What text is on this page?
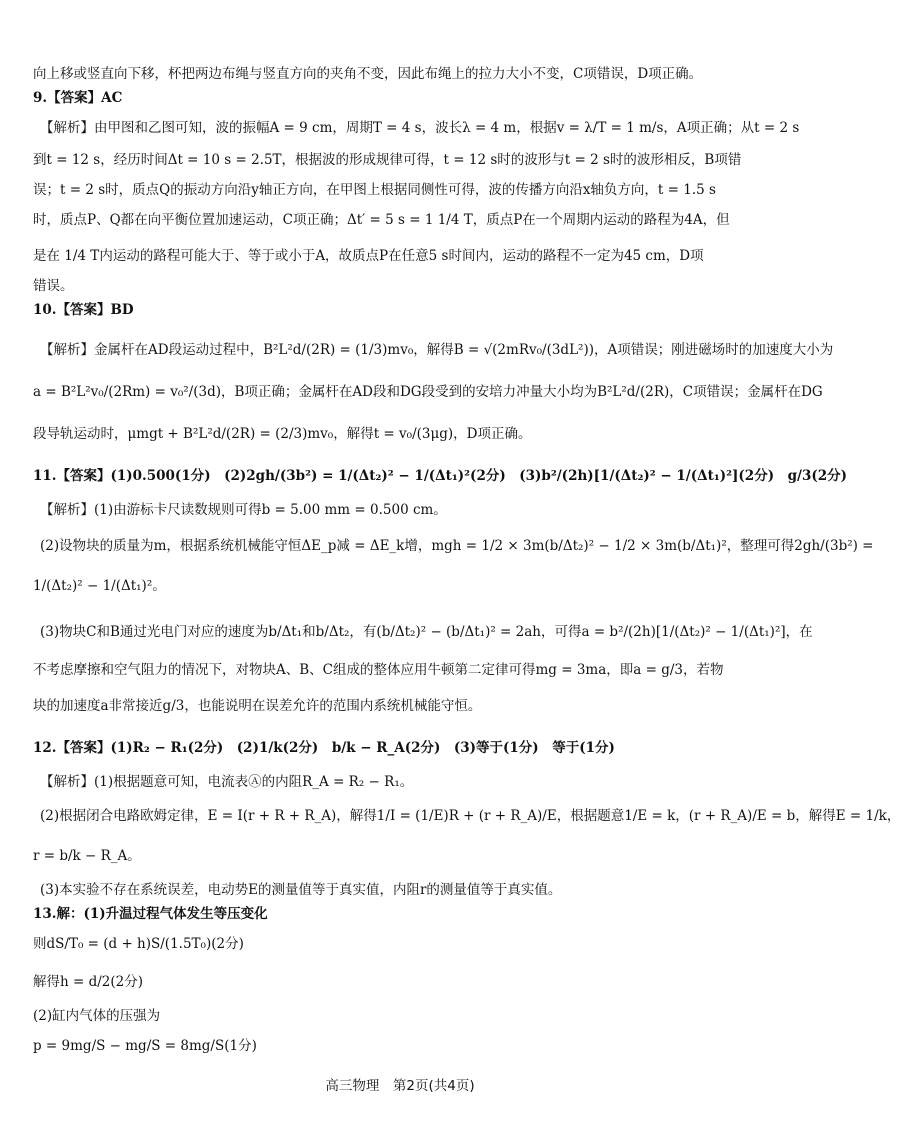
向上移或竖直向下移，杯把两边布绳与竖直方向的夹角不变，因此布绳上的拉力大小不变，C项错误，D项正确。
9.【答案】AC
【解析】由甲图和乙图可知，波的振幅A = 9 cm，周期T = 4 s，波长λ = 4 m，根据v = λ/T = 1 m/s，A项正确；从t = 2 s
到t = 12 s，经历时间Δt = 10 s = 2.5T，根据波的形成规律可得，t = 12 s时的波形与t = 2 s时的波形相反，B项错
误；t = 2 s时，质点Q的振动方向沿y轴正方向，在甲图上根据同侧性可得，波的传播方向沿x轴负方向，t = 1.5 s
时，质点P、Q都在向平衡位置加速运动，C项正确；Δt′ = 5 s = 1 1/4 T，质点P在一个周期内运动的路程为4A，但
是在 1/4 T内运动的路程可能大于、等于或小于A，故质点P在任意5 s时间内，运动的路程不一定为45 cm，D项
错误。
10.【答案】BD
【解析】金属杆在AD段运动过程中，B²L²d/(2R) = (1/3)mv₀，解得B = √(2mRv₀/(3dL²))，A项错误；刚进磁场时的加速度大小为
a = B²L²v₀/(2Rm) = v₀²/(3d)，B项正确；金属杆在AD段和DG段受到的安培力冲量大小均为B²L²d/(2R)，C项错误；金属杆在DG
段导轨运动时，μmgt + B²L²d/(2R) = (2/3)mv₀，解得t = v₀/(3μg)，D项正确。
11.【答案】(1)0.500(1分)　(2)2gh/(3b²) = 1/(Δt₂)² − 1/(Δt₁)²(2分)　(3)b²/(2h)[1/(Δt₂)² − 1/(Δt₁)²](2分)　g/3(2分)
【解析】(1)由游标卡尺读数规则可得b = 5.00 mm = 0.500 cm。
(2)设物块的质量为m，根据系统机械能守恒ΔE_p减 = ΔE_k增，mgh = 1/2 × 3m(b/Δt₂)² − 1/2 × 3m(b/Δt₁)²，整理可得2gh/(3b²) =
1/(Δt₂)² − 1/(Δt₁)²。
(3)物块C和B通过光电门对应的速度为b/Δt₁和b/Δt₂，有(b/Δt₂)² − (b/Δt₁)² = 2ah，可得a = b²/(2h)[1/(Δt₂)² − 1/(Δt₁)²]，在
不考虑摩擦和空气阻力的情况下，对物块A、B、C组成的整体应用牛顿第二定律可得mg = 3ma，即a = g/3，若物
块的加速度a非常接近g/3，也能说明在误差允许的范围内系统机械能守恒。
12.【答案】(1)R₂ − R₁(2分)　(2)1/k(2分)　b/k − R_A(2分)　(3)等于(1分)　等于(1分)
【解析】(1)根据题意可知，电流表Ⓐ的内阻R_A = R₂ − R₁。
(2)根据闭合电路欧姆定律，E = I(r + R + R_A)，解得1/I = (1/E)R + (r + R_A)/E，根据题意1/E = k，(r + R_A)/E = b，解得E = 1/k，
r = b/k − R_A。
(3)本实验不存在系统误差，电动势E的测量值等于真实值，内阻r的测量值等于真实值。
13.解：(1)升温过程气体发生等压变化
则dS/T₀ = (d + h)S/(1.5T₀)(2分)
解得h = d/2(2分)
(2)缸内气体的压强为
p = 9mg/S − mg/S = 8mg/S(1分)
高三物理　第2页(共4页)
